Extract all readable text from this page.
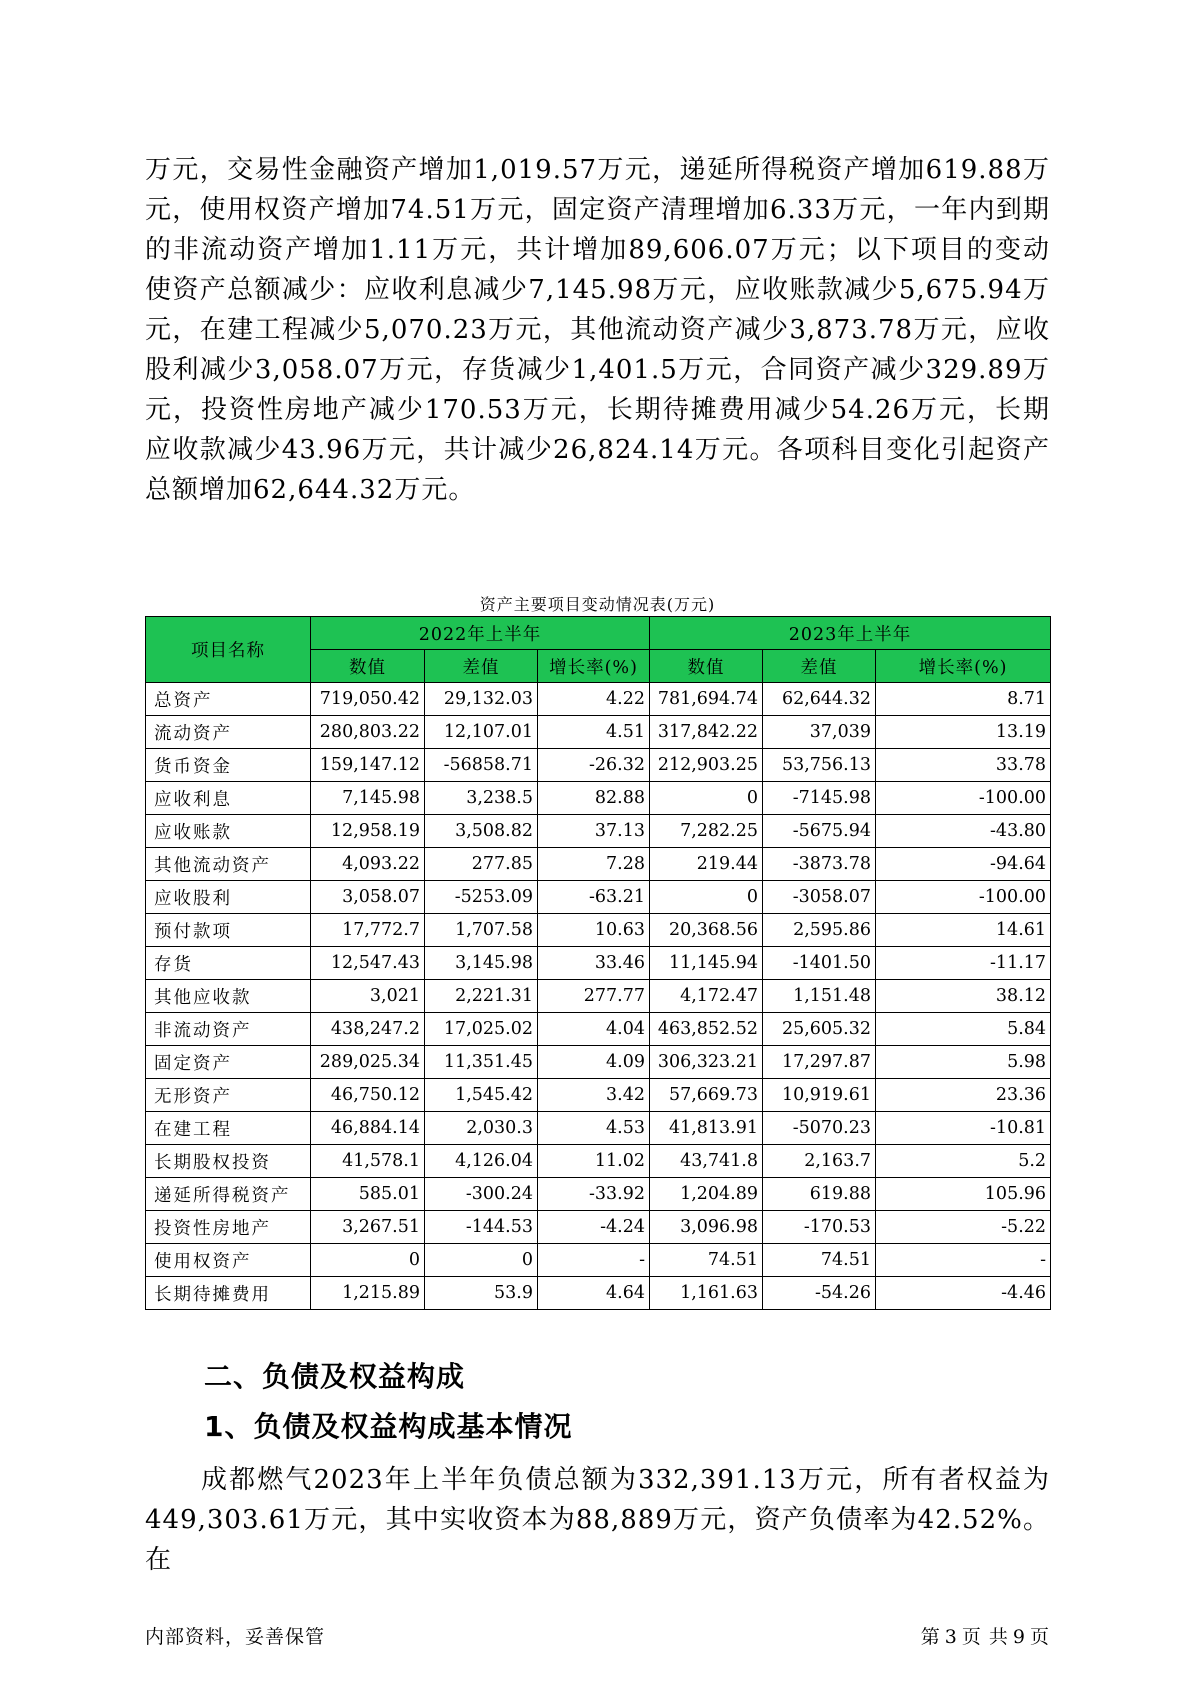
万元，交易性金融资产增加1,019.57万元，递延所得税资产增加619.88万元，使用权资产增加74.51万元，固定资产清理增加6.33万元，一年内到期的非流动资产增加1.11万元，共计增加89,606.07万元；以下项目的变动使资产总额减少：应收利息减少7,145.98万元，应收账款减少5,675.94万元，在建工程减少5,070.23万元，其他流动资产减少3,873.78万元，应收股利减少3,058.07万元，存货减少1,401.5万元，合同资产减少329.89万元，投资性房地产减少170.53万元，长期待摊费用减少54.26万元，长期应收款减少43.96万元，共计减少26,824.14万元。各项科目变化引起资产总额增加62,644.32万元。

资产主要项目变动情况表(万元)
项目名称	2022年上半年			2023年上半年		
	数值	差值	增长率(%)	数值	差值	增长率(%)
总资产	719,050.42	29,132.03	4.22	781,694.74	62,644.32	8.71
流动资产	280,803.22	12,107.01	4.51	317,842.22	37,039	13.19
货币资金	159,147.12	-56858.71	-26.32	212,903.25	53,756.13	33.78
应收利息	7,145.98	3,238.5	82.88	0	-7145.98	-100.00
应收账款	12,958.19	3,508.82	37.13	7,282.25	-5675.94	-43.80
其他流动资产	4,093.22	277.85	7.28	219.44	-3873.78	-94.64
应收股利	3,058.07	-5253.09	-63.21	0	-3058.07	-100.00
预付款项	17,772.7	1,707.58	10.63	20,368.56	2,595.86	14.61
存货	12,547.43	3,145.98	33.46	11,145.94	-1401.50	-11.17
其他应收款	3,021	2,221.31	277.77	4,172.47	1,151.48	38.12
非流动资产	438,247.2	17,025.02	4.04	463,852.52	25,605.32	5.84
固定资产	289,025.34	11,351.45	4.09	306,323.21	17,297.87	5.98
无形资产	46,750.12	1,545.42	3.42	57,669.73	10,919.61	23.36
在建工程	46,884.14	2,030.3	4.53	41,813.91	-5070.23	-10.81
长期股权投资	41,578.1	4,126.04	11.02	43,741.8	2,163.7	5.2
递延所得税资产	585.01	-300.24	-33.92	1,204.89	619.88	105.96
投资性房地产	3,267.51	-144.53	-4.24	3,096.98	-170.53	-5.22
使用权资产	0	0	-	74.51	74.51	-
长期待摊费用	1,215.89	53.9	4.64	1,161.63	-54.26	-4.46
二、负债及权益构成
1、负债及权益构成基本情况

成都燃气2023年上半年负债总额为332,391.13万元，所有者权益为449,303.61万元，其中实收资本为88,889万元，资产负债率为42.52%。在

内部资料，妥善保管	第 3 页 共 9 页
